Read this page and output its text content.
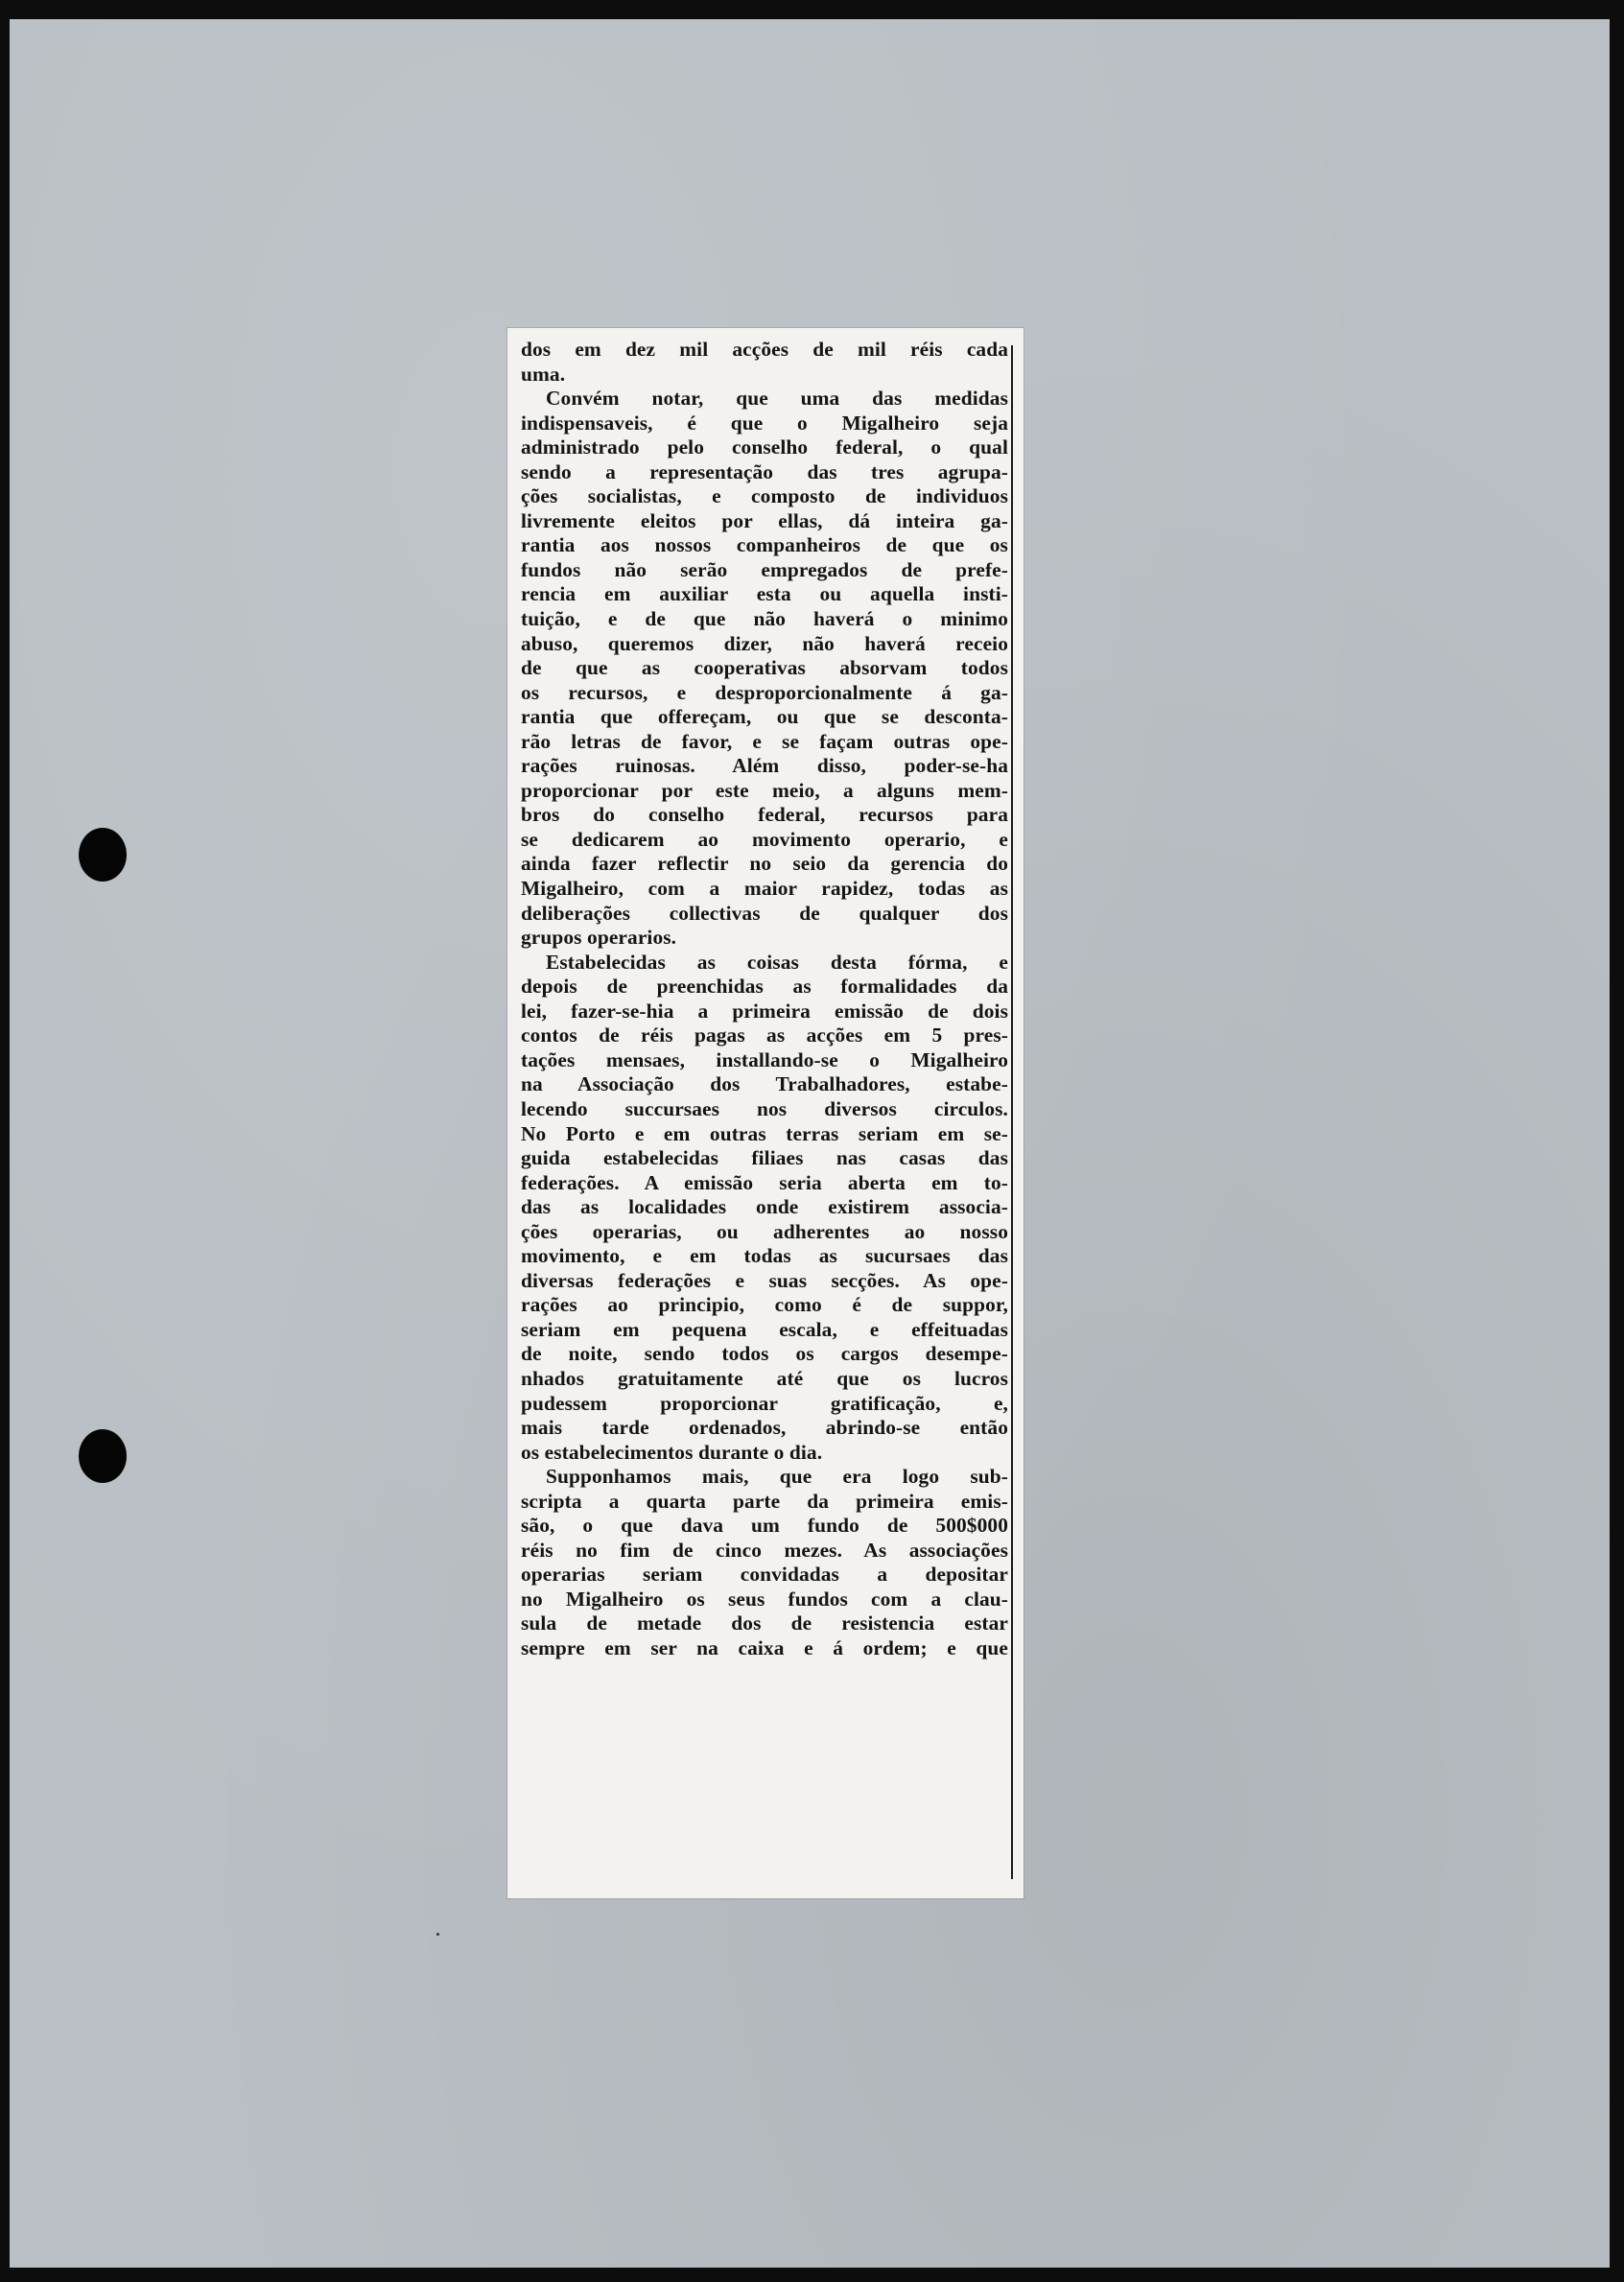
dos em dez mil acções de mil réis cada
uma.
Convém notar, que uma das medidas
indispensaveis, é que o Migalheiro seja
administrado pelo conselho federal, o qual
sendo a representação das tres agrupa-
ções socialistas, e composto de individuos
livremente eleitos por ellas, dá inteira ga-
rantia aos nossos companheiros de que os
fundos não serão empregados de prefe-
rencia em auxiliar esta ou aquella insti-
tuição, e de que não haverá o minimo
abuso, queremos dizer, não haverá receio
de que as cooperativas absorvam todos
os recursos, e desproporcionalmente á ga-
rantia que offereçam, ou que se desconta-
rão letras de favor, e se façam outras ope-
rações ruinosas. Além disso, poder-se-ha
proporcionar por este meio, a alguns mem-
bros do conselho federal, recursos para
se dedicarem ao movimento operario, e
ainda fazer reflectir no seio da gerencia do
Migalheiro, com a maior rapidez, todas as
deliberações collectivas de qualquer dos
grupos operarios.
Estabelecidas as coisas desta fórma, e
depois de preenchidas as formalidades da
lei, fazer-se-hia a primeira emissão de dois
contos de réis pagas as acções em 5 pres-
tações mensaes, installando-se o Migalheiro
na Associação dos Trabalhadores, estabe-
lecendo succursaes nos diversos circulos.
No Porto e em outras terras seriam em se-
guida estabelecidas filiaes nas casas das
federações. A emissão seria aberta em to-
das as localidades onde existirem associa-
ções operarias, ou adherentes ao nosso
movimento, e em todas as sucursaes das
diversas federações e suas secções. As ope-
rações ao principio, como é de suppor,
seriam em pequena escala, e effeituadas
de noite, sendo todos os cargos desempe-
nhados gratuitamente até que os lucros
pudessem proporcionar gratificação, e,
mais tarde ordenados, abrindo-se então
os estabelecimentos durante o dia.
Supponhamos mais, que era logo sub-
scripta a quarta parte da primeira emis-
são, o que dava um fundo de 500$000
réis no fim de cinco mezes. As associações
operarias seriam convidadas a depositar
no Migalheiro os seus fundos com a clau-
sula de metade dos de resistencia estar
sempre em ser na caixa e á ordem; e que
